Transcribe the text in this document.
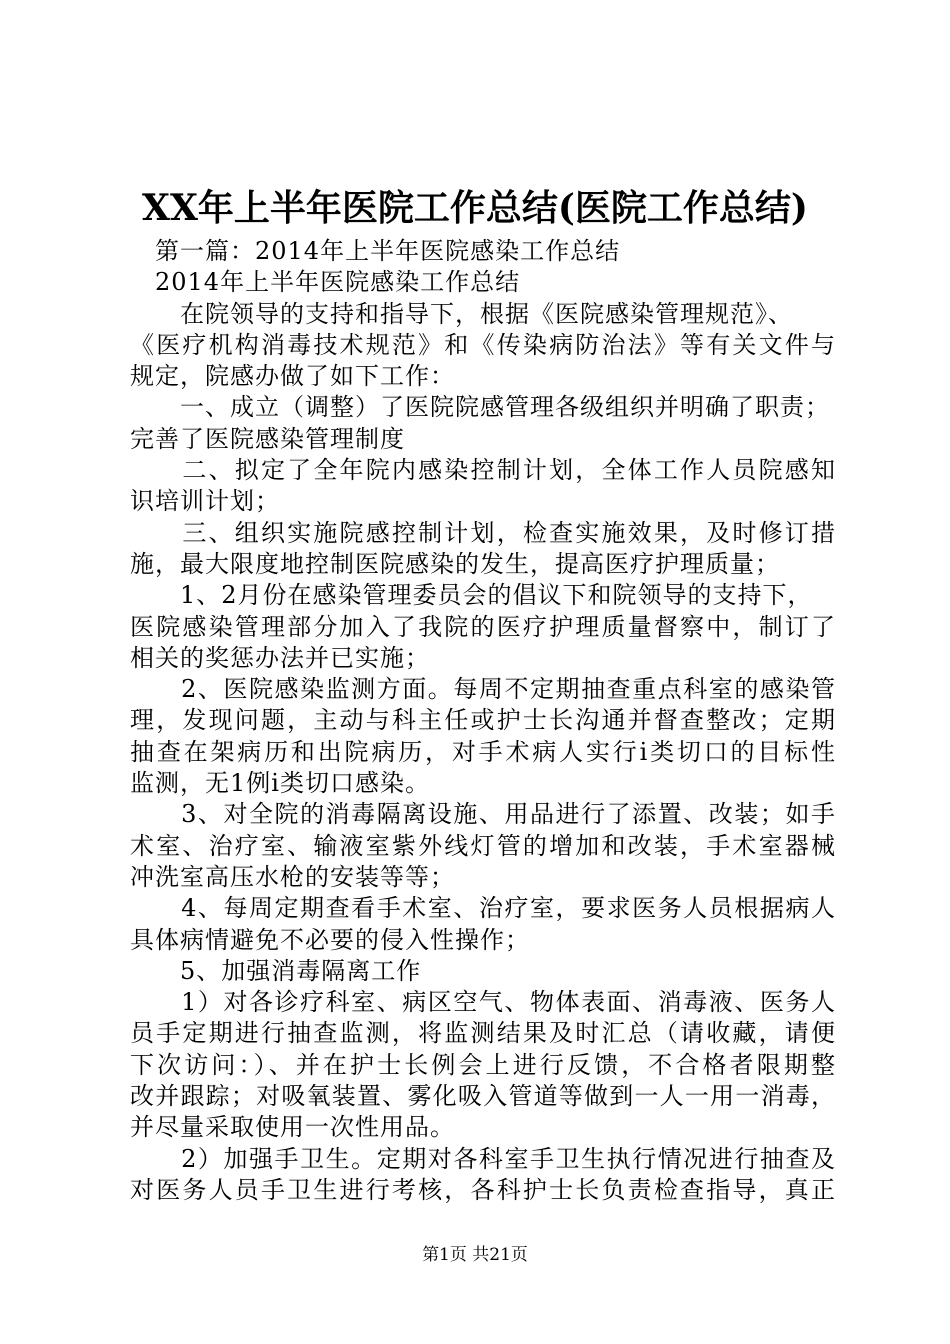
XX年上半年医院工作总结(医院工作总结)
　第一篇：2014年上半年医院感染工作总结
　2014年上半年医院感染工作总结
　　在院领导的支持和指导下，根据《医院感染管理规范》、
《医疗机构消毒技术规范》和《传染病防治法》等有关文件与
规定，院感办做了如下工作：
　　一、成立（调整）了医院院感管理各级组织并明确了职责；
完善了医院感染管理制度
　　二、拟定了全年院内感染控制计划，全体工作人员院感知
识培训计划；
　　三、组织实施院感控制计划，检查实施效果，及时修订措
施，最大限度地控制医院感染的发生，提高医疗护理质量；
　　1、2月份在感染管理委员会的倡议下和院领导的支持下，
医院感染管理部分加入了我院的医疗护理质量督察中，制订了
相关的奖惩办法并已实施；
　　2、医院感染监测方面。每周不定期抽查重点科室的感染管
理，发现问题，主动与科主任或护士长沟通并督查整改；定期
抽查在架病历和出院病历，对手术病人实行ⅰ类切口的目标性
监测，无1例ⅰ类切口感染。
　　3、对全院的消毒隔离设施、用品进行了添置、改装；如手
术室、治疗室、输液室紫外线灯管的增加和改装，手术室器械
冲洗室高压水枪的安装等等；
　　4、每周定期查看手术室、治疗室，要求医务人员根据病人
具体病情避免不必要的侵入性操作；
　　5、加强消毒隔离工作
　　1）对各诊疗科室、病区空气、物体表面、消毒液、医务人
员手定期进行抽查监测，将监测结果及时汇总（请收藏，请便
下次访问：）、并在护士长例会上进行反馈，不合格者限期整
改并跟踪；对吸氧装置、雾化吸入管道等做到一人一用一消毒，
并尽量采取使用一次性用品。
　　2）加强手卫生。定期对各科室手卫生执行情况进行抽查及
对医务人员手卫生进行考核，各科护士长负责检查指导，真正
第1页 共21页
